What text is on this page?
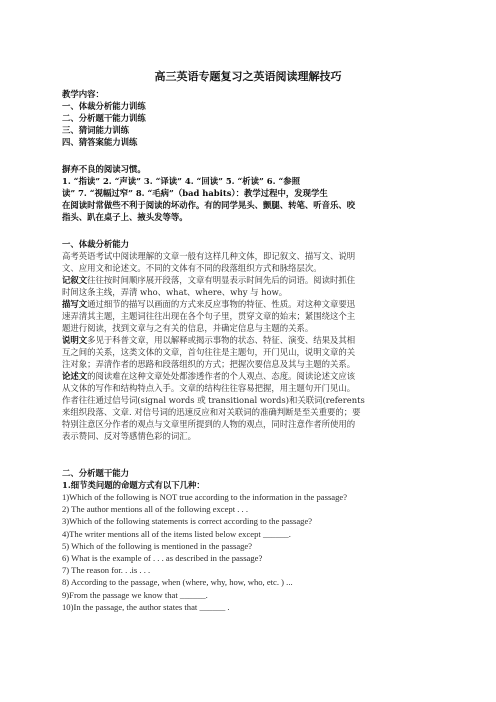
高三英语专题复习之英语阅读理解技巧
教学内容：
一、体裁分析能力训练
二、分析题干能力训练
三、猜词能力训练
四、猜答案能力训练
摒弃不良的阅读习惯。
1. “指读” 2. “声读” 3. “译读” 4. “回读” 5. “析读” 6. “参照
读” 7. “视幅过窄” 8. “毛病”（bad habits）：教学过程中，发现学生
在阅读时常做些不利于阅读的坏动作。有的同学晃头、颤腿、转笔、听音乐、咬
指头、趴在桌子上、掖头发等等。
一、体裁分析能力
高考英语考试中阅读理解的文章一般有这样几种文体，即记叙文、描写文、说明
文、应用文和论述文。不同的文体有不同的段落组织方式和脉络层次。
记叙文往往按时间顺序展开段落，文章有明显表示时间先后的词语。阅读时抓住
时间这条主线，弄清 who、what、where、why 与 how。
描写文通过细节的描写以画面的方式来反应事物的特征、性质。对这种文章要迅
速弄清其主题，主题词往往出现在各个句子里，贯穿文章的始末；紧围绕这个主
题进行阅读，找到文章与之有关的信息，并确定信息与主题的关系。
说明文多见于科普文章，用以解释或揭示事物的状态、特征、演变、结果及其相
互之间的关系，这类文体的文章，首句往往是主题句，开门见山，说明文章的关
注对象；弄清作者的思路和段落组织的方式；把握次要信息及其与主题的关系。
论述文的阅读难在这种文章处处都渗透作者的个人观点、态度。阅读论述文应该
从文体的写作和结构特点入手。文章的结构往往容易把握，用主题句开门见山。
作者往往通过信号词(signal words 或 transitional words)和关联词(referents
来组织段落、文章. 对信号词的迅速反应和对关联词的准确判断是至关重要的；要
特别注意区分作者的观点与文章里所提到的人物的观点，同时注意作者所使用的
表示赞同、反对等感情色彩的词汇。
二、分析题干能力
1.细节类问题的命题方式有以下几种：
1)Which of the following is NOT true according to the information in the passage?
2) The author mentions all of the following except . . .
3)Which of the following statements is correct according to the passage?
4)The writer mentions all of the items listed below except ______.
5) Which of the following is mentioned in the passage?
6) What is the example of . . . as described in the passage?
7) The reason for. . .is . . .
8) According to the passage, when (where, why, how, who, etc. ) ...
9)From the passage we know that ______.
10)In the passage, the author states that ______ .
